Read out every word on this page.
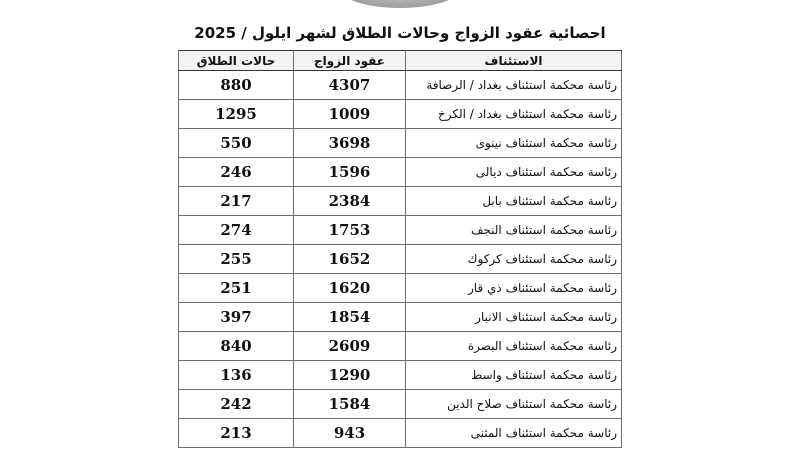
احصائية عقود الزواج وحالات الطلاق لشهر ايلول / 2025
الاستئناف	عقود الزواج	حالات الطلاق
رئاسة محكمة استئناف بغداد / الرصافة	4307	880
رئاسة محكمة استئناف بغداد / الكرخ	1009	1295
رئاسة محكمة استئناف نينوى	3698	550
رئاسة محكمة استئناف ديالى	1596	246
رئاسة محكمة استئناف بابل	2384	217
رئاسة محكمة استئناف النجف	1753	274
رئاسة محكمة استئناف كركوك	1652	255
رئاسة محكمة استئناف ذي قار	1620	251
رئاسة محكمة استئناف الانبار	1854	397
رئاسة محكمة استئناف البصرة	2609	840
رئاسة محكمة استئناف واسط	1290	136
رئاسة محكمة استئناف صلاح الدين	1584	242
رئاسة محكمة استئناف المثنى	943	213
